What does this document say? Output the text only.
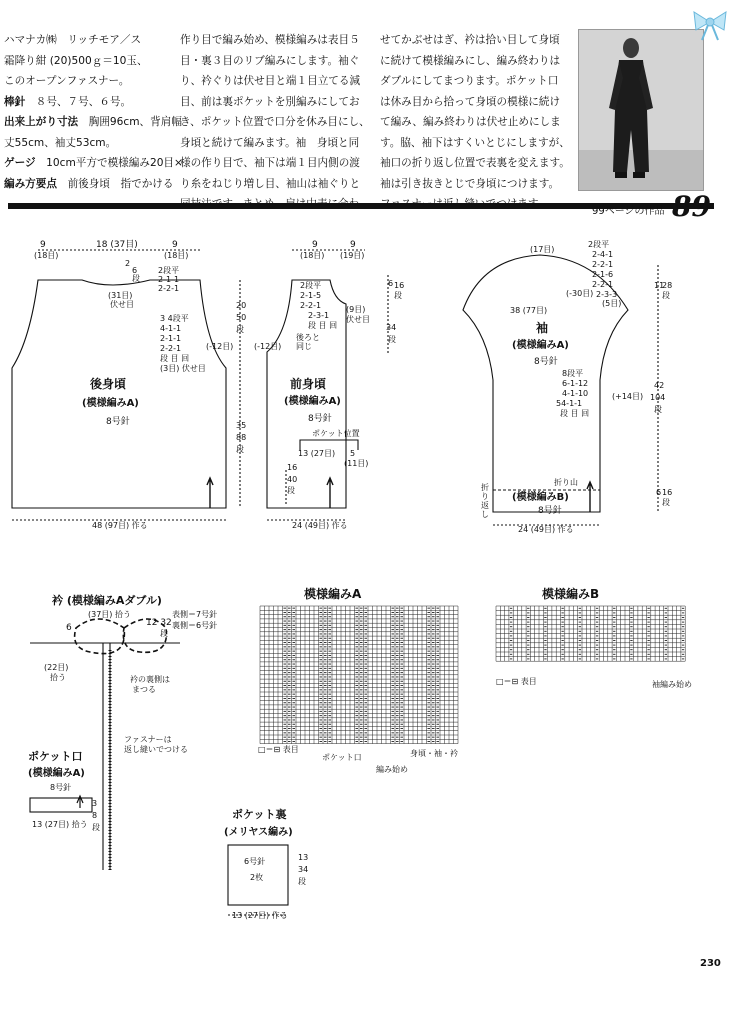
ハマナカ㈱　 リッチモア／ス
霜降り紺 (20)500ｇ＝10玉、
このオープンファスナー。
棒針　 ８号、７号、６号。
出来上がり寸法　 胸囲96cm、背肩幅
丈55cm、袖丈53cm。
ゲージ　 10cm平方で模様編み20目×
編み方要点　 前後身頃　指でかける
作り目で編み始め、模様編みは表目５
目・裏３目のリブ編みにします。袖ぐ
り、衿ぐりは伏せ目と端１目立てる減
目、前は裏ポケットを別編みにしてお
き、ポケット位置で口分を休み目にし、
身頃と続けて編みます。袖　身頃と同
様の作り目で、袖下は端１目内側の渡
り糸をねじり増し目、袖山は袖ぐりと

せてかぶせはぎ、衿は拾い目して身頃
に続けて模様編みにし、編み終わりは
ダブルにしてまつります。ポケット口
は休み目から拾って身頃の模様に続け
て編み、編み終わりは伏せ止めにしま
す。脇、袖下はすくいとじにしますが、
袖口の折り返し位置で表裏を変えます。
袖は引き抜きとじで身頃につけます。

99ページの作品 89
9
(18目)
18 (37目)	9
(18目)
2
6
段
2段平
2-1-1
2-2-1
(31目)
伏せ目
3 4段平
4-1-1
2-1-1
2-2-1
段 目 回
(3目) 伏せ目
20
50
段
35
88
段
(-12目)
後身頃
(模様編みA)
8号針
48 (97目) 作る
9
(18目)
9
(19目)
2段平
2-1-5
2-2-1
2-3-1
段 目 回
(9目)
伏せ目
後ろと
同じ
(-12目)
6 16
段
34
段
前身頃
(模様編みA)
8号針
ポケット位置
13 (27目) 5
(11目)
16
40
段
24 (49目) 作る
(17目)
2段平
2-4-1
2-2-1
2-1-6
2-2-1
2-3-3
(5目)
(-30目)
11
28
段
38 (77目)
袖
(模様編みA)
8号針
8段平
6-1-12
4-1-10
54-1-1
段 目 回
(+14目)
42
104
段
折り山
折
り
返
し
(模様編みB)
8号針
6 16
段
24 (49目) 作る
衿 (模様編みAダブル)
(37目) 拾う
6	12 32
段
表側＝7号針
裏側＝6号針
(22目)
拾う	衿の裏側は
まつる
ファスナーは
返し縫いでつける
ポケット口
(模様編みA)
8号針
13 (27目) 拾う
3
8
段
ポケット裏
(メリヤス編み)
6号針
2枚
13
34
段
13 (27目) 作る
模様編みA
□＝⊟ 表目
ポケット口	身頃・袖・衿
編み始め
模様編みB
□＝⊟ 表目	袖編み始め
230
